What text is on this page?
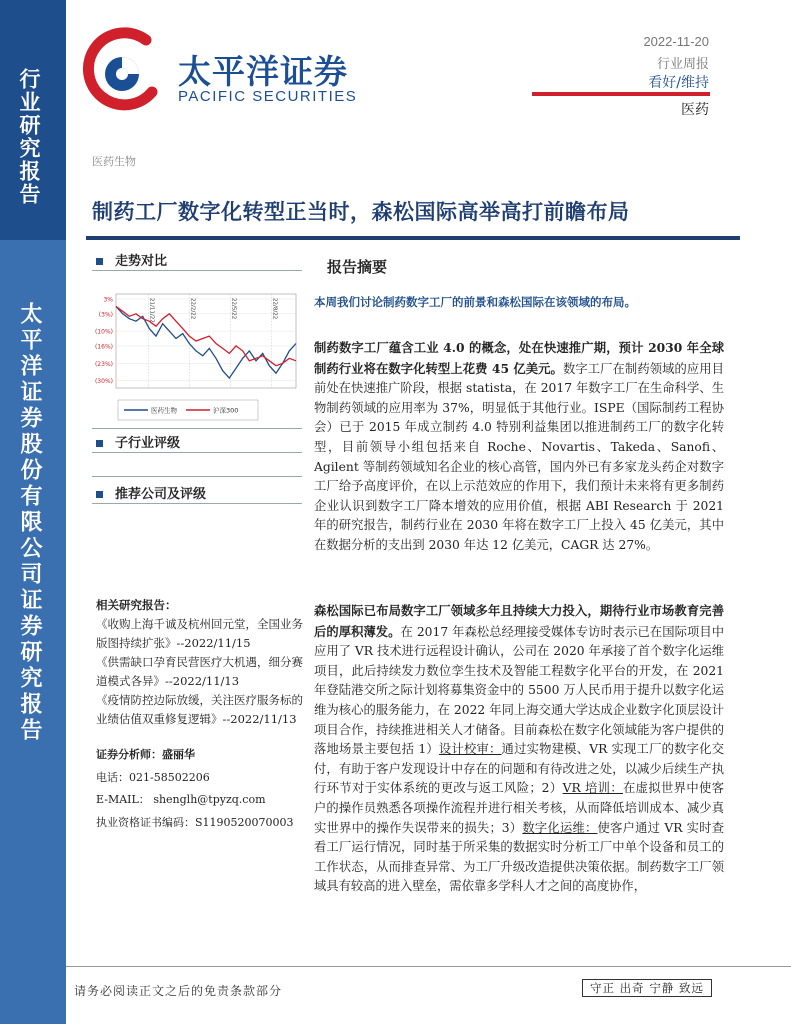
行业研究报告
太平洋证券股份有限公司证券研究报告
太平洋证券
PACIFIC SECURITIES
2022-11-20
行业周报
看好/维持
医药
医药生物
制药工厂数字化转型正当时，森松国际高举高打前瞻布局
走势对比
3%
(3%)
(10%)
(16%)
(23%)
(30%)
21/11/22	22/2/22	22/5/22	22/8/22
医药生物	沪深300
子行业评级
推荐公司及评级
相关研究报告：
《收购上海千诚及杭州回元堂，全国业务版图持续扩张》--2022/11/15
《供需缺口孕育民营医疗大机遇，细分赛道模式各异》--2022/11/13
《疫情防控边际放缓，关注医疗服务标的业绩估值双重修复逻辑》--2022/11/13
证券分析师：盛丽华
电话：021-58502206
E-MAIL： shenglh@tpyzq.com
执业资格证书编码：S1190520070003
报告摘要
本周我们讨论制药数字工厂的前景和森松国际在该领域的布局。
制药数字工厂蕴含工业 4.0 的概念，处在快速推广期，预计 2030 年全球制药行业将在数字化转型上花费 45 亿美元。数字工厂在制药领域的应用目前处在快速推广阶段，根据 statista，在 2017 年数字工厂在生命科学、生物制药领域的应用率为 37%，明显低于其他行业。ISPE（国际制药工程协会）已于 2015 年成立制药 4.0 特别利益集团以推进制药工厂的数字化转型，目前领导小组包括来自 Roche、Novartis、Takeda、Sanofi、Agilent 等制药领域知名企业的核心高管，国内外已有多家龙头药企对数字工厂给予高度评价，在以上示范效应的作用下，我们预计未来将有更多制药企业认识到数字工厂降本增效的应用价值，根据 ABI Research 于 2021 年的研究报告，制药行业在 2030 年将在数字工厂上投入 45 亿美元，其中在数据分析的支出到 2030 年达 12 亿美元，CAGR 达 27%。
森松国际已布局数字工厂领域多年且持续大力投入，期待行业市场教育完善后的厚积薄发。在 2017 年森松总经理接受媒体专访时表示已在国际项目中应用了 VR 技术进行远程设计确认，公司在 2020 年承接了首个数字化运维项目，此后持续发力数位孪生技术及智能工程数字化平台的开发，在 2021 年登陆港交所之际计划将募集资金中的 5500 万人民币用于提升以数字化运维为核心的服务能力，在 2022 年同上海交通大学达成企业数字化顶层设计项目合作，持续推进相关人才储备。目前森松在数字化领域能为客户提供的落地场景主要包括 1）设计校审：通过实物建模、VR 实现工厂的数字化交付，有助于客户发现设计中存在的问题和有待改进之处，以减少后续生产执行环节对于实体系统的更改与返工风险；2）VR 培训：在虚拟世界中使客户的操作员熟悉各项操作流程并进行相关考核，从而降低培训成本、减少真实世界中的操作失误带来的损失；3）数字化运维：使客户通过 VR 实时查看工厂运行情况，同时基于所采集的数据实时分析工厂中单个设备和员工的工作状态，从而排查异常、为工厂升级改造提供决策依据。制药数字工厂领域具有较高的进入壁垒，需依靠多学科人才之间的高度协作，
请务必阅读正文之后的免责条款部分	守正 出奇 宁静 致远
